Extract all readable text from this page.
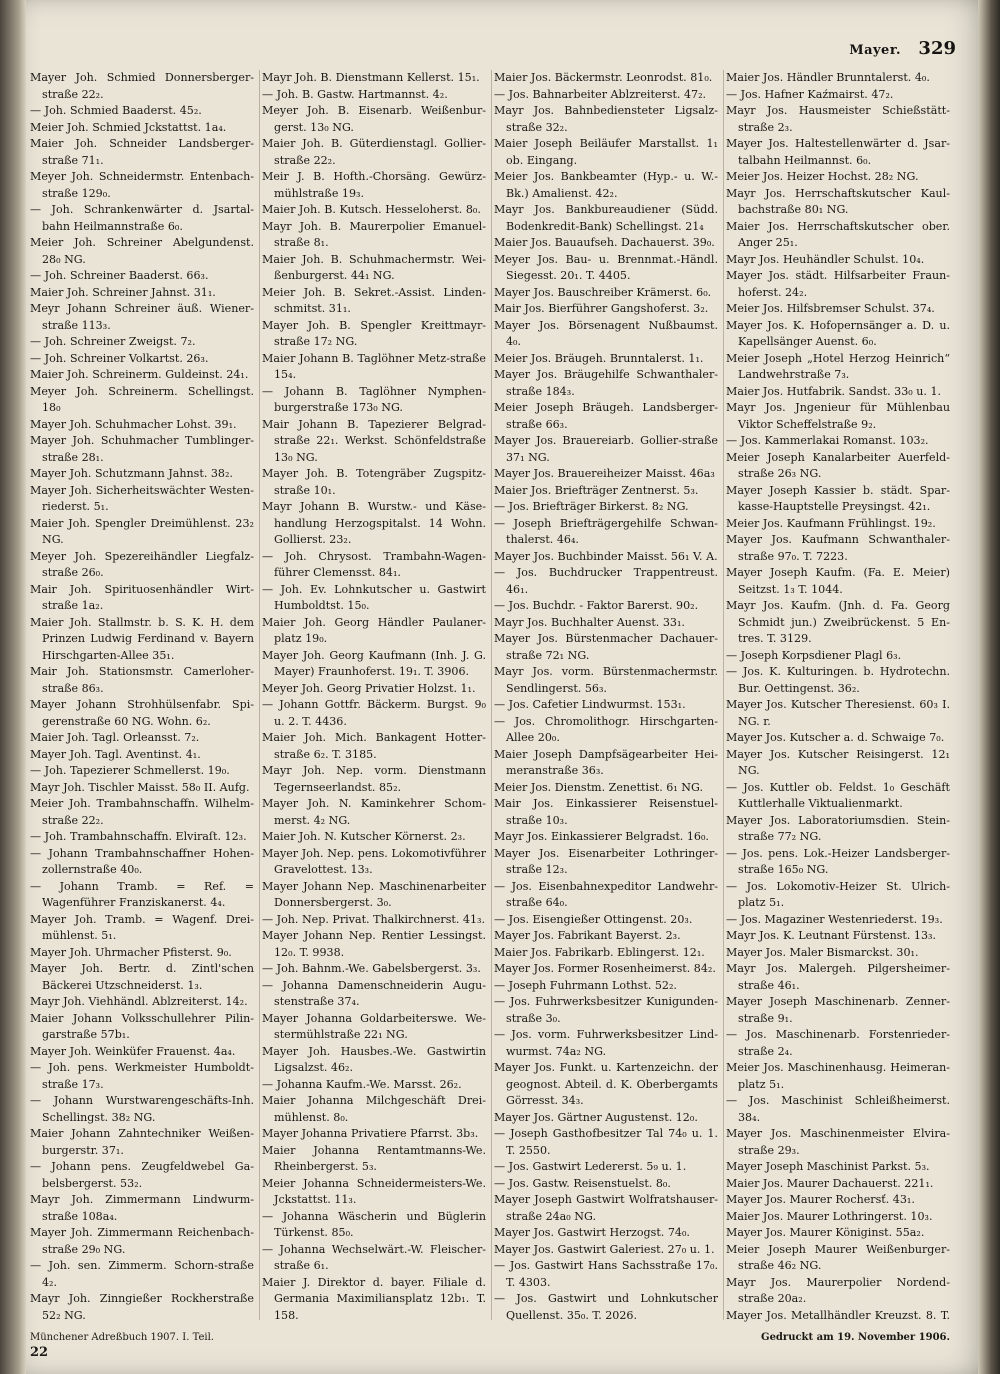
Mayer. 329

Mayer Joh. Schmied Donnersberger-straße 22₂.

— Joh. Schmied Baaderst. 45₂.

Meier Joh. Schmied Jckstattst. 1a₄.

Maier Joh. Schneider Landsberger-straße 71₁.

Meyer Joh. Schneidermstr. Entenbach-straße 129₀.

— Joh. Schrankenwärter d. Jsartal-bahn Heilmannstraße 6₀.

Meier Joh. Schreiner Abelgundenst. 28₀ NG.

— Joh. Schreiner Baaderst. 66₃.

Maier Joh. Schreiner Jahnst. 31₁.

Meyr Johann Schreiner äuß. Wiener-straße 113₃.

— Joh. Schreiner Zweigst. 7₂.

— Joh. Schreiner Volkartst. 26₃.

Maier Joh. Schreinerm. Guldeinst. 24₁.

Meyer Joh. Schreinerm. Schellingst. 18₀

Mayer Joh. Schuhmacher Lohst. 39₁.

Mayer Joh. Schuhmacher Tumblinger-straße 28₁.

Mayer Joh. Schutzmann Jahnst. 38₂.

Mayer Joh. Sicherheitswächter Westen-riederst. 5₁.

Maier Joh. Spengler Dreimühlenst. 23₂ NG.

Meyer Joh. Spezereihändler Liegfalz-straße 26₀.

Mair Joh. Spirituosenhändler Wirt-straße 1a₂.

Maier Joh. Stallmstr. b. S. K. H. dem Prinzen Ludwig Ferdinand v. Bayern Hirschgarten-Allee 35₁.

Mair Joh. Stationsmstr. Camerloher-straße 86₃.

Mayer Johann Strohhülsenfabr. Spi-gerenstraße 60 NG. Wohn. 6₂.

Maier Joh. Tagl. Orleansst. 7₂.

Mayer Joh. Tagl. Aventinst. 4₁.

— Joh. Tapezierer Schmellerst. 19₀.

Mayr Joh. Tischler Maisst. 58₀ II. Aufg.

Meier Joh. Trambahnschaffn. Wilhelm-straße 22₂.

— Joh. Trambahnschaffn. Elviraſt. 12₃.

— Johann Trambahnschaffner Hohen-zollernstraße 40₀.

— Johann Tramb. = Ref. = Wagenführer Franziskanerst. 4₄.

Mayer Joh. Tramb. = Wagenf. Drei-mühlenst. 5₁.

Mayer Joh. Uhrmacher Pfisterst. 9₀.

Mayer Joh. Bertr. d. Zintl'schen Bäckerei Utzschneiderst. 1₃.

Mayr Joh. Viehhändl. Ablzreiterst. 14₂.

Maier Johann Volksschullehrer Pilin-garstraße 57b₁.

Mayer Joh. Weinküfer Frauenst. 4a₄.

— Joh. pens. Werkmeister Humboldt-straße 17₃.

— Johann Wurstwarengeschäfts-Inh. Schellingst. 38₂ NG.

Maier Johann Zahntechniker Weißen-burgerstr. 37₁.

— Johann pens. Zeugfeldwebel Ga-belsbergerst. 53₂.

Mayr Joh. Zimmermann Lindwurm-straße 108a₄.

Mayer Joh. Zimmermann Reichenbach-straße 29₀ NG.

— Joh. sen. Zimmerm. Schorn-straße 4₂.

Mayr Joh. Zinngießer Rockherstraße 52₂ NG.

Mayr Joh. B. Dienstmann Kellerst. 15₁.

— Joh. B. Gastw. Hartmannst. 4₂.

Meyer Joh. B. Eisenarb. Weißenbur-gerst. 13₀ NG.

Maier Joh. B. Güterdienstagl. Gollier-straße 22₂.

Meir J. B. Hofth.-Chorsäng. Gewürz-mühlstraße 19₃.

Maier Joh. B. Kutsch. Hesseloherst. 8₀.

Mayr Joh. B. Maurerpolier Emanuel-straße 8₁.

Maier Joh. B. Schuhmachermstr. Wei-ßenburgerst. 44₁ NG.

Meier Joh. B. Sekret.-Assist. Linden-schmitst. 31₁.

Mayer Joh. B. Spengler Kreittmayr-straße 17₂ NG.

Maier Johann B. Taglöhner Metz-straße 15₄.

— Johann B. Taglöhner Nymphen-burgerstraße 173₀ NG.

Mair Johann B. Tapezierer Belgrad-straße 22₁. Werkst. Schönfeldstraße 13₀ NG.

Mayer Joh. B. Totengräber Zugspitz-straße 10₁.

Mayr Johann B. Wurstw.- und Käse-handlung Herzogspitalst. 14 Wohn. Gollierst. 23₂.

— Joh. Chrysost. Trambahn-Wagen-führer Clemensst. 84₁.

— Joh. Ev. Lohnkutscher u. Gastwirt Humboldtst. 15₀.

Maier Joh. Georg Händler Paulaner-platz 19₀.

Mayer Joh. Georg Kaufmann (Inh. J. G. Mayer) Fraunhoferst. 19₁. T. 3906.

Meyer Joh. Georg Privatier Holzst. 1₁.

— Johann Gottfr. Bäckerm. Burgst. 9₀ u. 2. T. 4436.

Maier Joh. Mich. Bankagent Hotter-straße 6₂. T. 3185.

Mayr Joh. Nep. vorm. Dienstmann Tegernseerlandst. 85₂.

Mayer Joh. N. Kaminkehrer Schom-merst. 4₂ NG.

Maier Joh. N. Kutscher Körnerst. 2₃.

Mayer Joh. Nep. pens. Lokomotivführer Gravelottest. 13₃.

Mayer Johann Nep. Maschinenarbeiter Donnersbergerst. 3₀.

— Joh. Nep. Privat. Thalkirchnerst. 41₃.

Mayer Johann Nep. Rentier Lessingst. 12₀. T. 9938.

— Joh. Bahnm.-We. Gabelsbergerst. 3₃.

— Johanna Damenschneiderin Augu-stenstraße 37₄.

Mayer Johanna Goldarbeiterswe. We-stermühlstraße 22₁ NG.

Mayer Joh. Hausbes.-We. Gastwirtin Ligsalzst. 46₂.

— Johanna Kaufm.-We. Marsst. 26₂.

Maier Johanna Milchgeschäft Drei-mühlenst. 8₀.

Mayer Johanna Privatiere Pfarrst. 3b₃.

Maier Johanna Rentamtmanns-We. Rheinbergerst. 5₃.

Meier Johanna Schneidermeisters-We. Jckstattst. 11₃.

— Johanna Wäscherin und Büglerin Türkenst. 85₀.

— Johanna Wechselwärt.-W. Fleischer-straße 6₁.

Maier J. Direktor d. bayer. Filiale d. Germania Maximiliansplatz 12b₁. T. 158.

Maier Jos. Bäckermstr. Leonrodst. 81₀.

— Jos. Bahnarbeiter Ablzreiterst. 47₂.

Mayr Jos. Bahnbediensteter Ligsalz-straße 32₂.

Maier Joseph Beiläufer Marstallst. 1₁ ob. Eingang.

Meier Jos. Bankbeamter (Hyp.- u. W.-Bk.) Amalienst. 42₂.

Mayr Jos. Bankbureaudiener (Südd. Bodenkredit-Bank) Schellingst. 21₄

Maier Jos. Bauaufseh. Dachauerst. 39₀.

Meyer Jos. Bau- u. Brennmat.-Händl. Siegesst. 20₁. T. 4405.

Mayer Jos. Bauschreiber Krämerst. 6₀.

Mair Jos. Bierführer Gangshoferst. 3₂.

Mayer Jos. Börsenagent Nußbaumst. 4₀.

Meier Jos. Bräugeh. Brunntalerst. 1₁.

Mayer Jos. Bräugehilfe Schwanthaler-straße 184₃.

Meier Joseph Bräugeh. Landsberger-straße 66₃.

Mayer Jos. Brauereiarb. Gollier-straße 37₁ NG.

Mayer Jos. Brauereiheizer Maisst. 46a₃

Maier Jos. Briefträger Zentnerst. 5₃.

— Jos. Briefträger Birkerst. 8₂ NG.

— Joseph Briefträgergehilfe Schwan-thalerst. 46₄.

Mayer Jos. Buchbinder Maisst. 56₁ V. A.

— Jos. Buchdrucker Trappentreust. 46₁.

— Jos. Buchdr. - Faktor Barerst. 90₂.

Mayr Jos. Buchhalter Auenst. 33₁.

Mayer Jos. Bürstenmacher Dachauer-straße 72₁ NG.

Mayr Jos. vorm. Bürstenmachermstr. Sendlingerst. 56₃.

— Jos. Cafetier Lindwurmst. 153₁.

— Jos. Chromolithogr. Hirschgarten-Allee 20₀.

Maier Joseph Dampfsägearbeiter Hei-meranstraße 36₃.

Meier Jos. Dienstm. Zenettist. 6₁ NG.

Mair Jos. Einkassierer Reisenstuel-straße 10₃.

Mayr Jos. Einkassierer Belgradst. 16₀.

Mayer Jos. Eisenarbeiter Lothringer-straße 12₃.

— Jos. Eisenbahnexpeditor Landwehr-straße 64₀.

— Jos. Eisengießer Ottingenst. 20₃.

Mayer Jos. Fabrikant Bayerst. 2₃.

Maier Jos. Fabrikarb. Eblingerst. 12₁.

Mayer Jos. Former Rosenheimerst. 84₂.

— Joseph Fuhrmann Lothst. 52₂.

— Jos. Fuhrwerksbesitzer Kunigunden-straße 3₀.

— Jos. vorm. Fuhrwerksbesitzer Lind-wurmst. 74a₂ NG.

Mayer Jos. Funkt. u. Kartenzeichn. der geognost. Abteil. d. K. Oberbergamts Görresst. 34₃.

Mayer Jos. Gärtner Augustenst. 12₀.

— Joseph Gasthofbesitzer Tal 74₀ u. 1. T. 2550.

— Jos. Gastwirt Ledererst. 5₉ u. 1.

— Jos. Gastw. Reisenstuelst. 8₀.

Mayer Joseph Gastwirt Wolfratshauser-straße 24a₀ NG.

Mayer Jos. Gastwirt Herzogst. 74₀.

Mayer Jos. Gastwirt Galeriest. 27₀ u. 1.

— Jos. Gastwirt Hans Sachsstraße 17₀. T. 4303.

— Jos. Gastwirt und Lohnkutscher Quellenst. 35₀. T. 2026.

Maier Jos. Händler Brunntalerst. 4₀.

— Jos. Hafner Kaźmairst. 47₂.

Mayr Jos. Hausmeister Schießstätt-straße 2₃.

Mayer Jos. Haltestellenwärter d. Jsar-talbahn Heilmannst. 6₀.

Meier Jos. Heizer Hochst. 28₂ NG.

Mayr Jos. Herrschaftskutscher Kaul-bachstraße 80₁ NG.

Maier Jos. Herrschaftskutscher ober. Anger 25₁.

Mayr Jos. Heuhändler Schulst. 10₄.

Mayer Jos. städt. Hilfsarbeiter Fraun-hoferst. 24₂.

Meier Jos. Hilfsbremser Schulst. 37₄.

Mayer Jos. K. Hofopernsänger a. D. u. Kapellsänger Auenst. 6₀.

Meier Joseph „Hotel Herzog Heinrich“ Landwehrstraße 7₃.

Maier Jos. Hutfabrik. Sandst. 33₀ u. 1.

Mayr Jos. Jngenieur für Mühlenbau Viktor Scheffelstraße 9₂.

— Jos. Kammerlakai Romanst. 103₂.

Meier Joseph Kanalarbeiter Auerfeld-straße 26₃ NG.

Mayer Joseph Kassier b. städt. Spar-kasse-Hauptstelle Preysingst. 42₁.

Meier Jos. Kaufmann Frühlingst. 19₂.

Mayer Jos. Kaufmann Schwanthaler-straße 97₀. T. 7223.

Mayer Joseph Kaufm. (Fa. E. Meier) Seitzst. 1₃ T. 1044.

Mayr Jos. Kaufm. (Jnh. d. Fa. Georg Schmidt jun.) Zweibrückenst. 5 En-tres. T. 3129.

— Joseph Korpsdiener Plagl 6₃.

— Jos. K. Kulturingen. b. Hydrotechn. Bur. Oettingenst. 36₂.

Mayer Jos. Kutscher Theresienst. 60₃ I. NG. r.

Mayer Jos. Kutscher a. d. Schwaige 7₀.

Mayer Jos. Kutscher Reisingerst. 12₁ NG.

— Jos. Kuttler ob. Feldst. 1₀ Geschäft Kuttlerhalle Viktualienmarkt.

Mayer Jos. Laboratoriumsdien. Stein-straße 77₂ NG.

— Jos. pens. Lok.-Heizer Landsberger-straße 165₀ NG.

— Jos. Lokomotiv-Heizer St. Ulrich-platz 5₁.

— Jos. Magaziner Westenriederst. 19₃.

Mayr Jos. K. Leutnant Fürstenst. 13₃.

Mayer Jos. Maler Bismarckst. 30₁.

Mayr Jos. Malergeh. Pilgersheimer-straße 46₁.

Mayer Joseph Maschinenarb. Zenner-straße 9₁.

— Jos. Maschinenarb. Forstenrieder-straße 2₄.

Meier Jos. Maschinenhausg. Heimeran-platz 5₁.

— Jos. Maschinist Schleißheimerst. 38₄.

Mayer Jos. Maschinenmeister Elvira-straße 29₃.

Mayer Joseph Maschinist Parkst. 5₃.

Maier Jos. Maurer Dachauerst. 221₁.

Mayer Jos. Maurer Rochersť. 43₁.

Maier Jos. Maurer Lothringerst. 10₃.

Mayer Jos. Maurer Königinst. 55a₂.

Meier Joseph Maurer Weißenburger-straße 46₂ NG.

Mayr Jos. Maurerpolier Nordend-straße 20a₂.

Mayer Jos. Metallhändler Kreuzst. 8. T.

Münchener Adreßbuch 1907. I. Teil.
22
Gedruckt am 19. November 1906.
